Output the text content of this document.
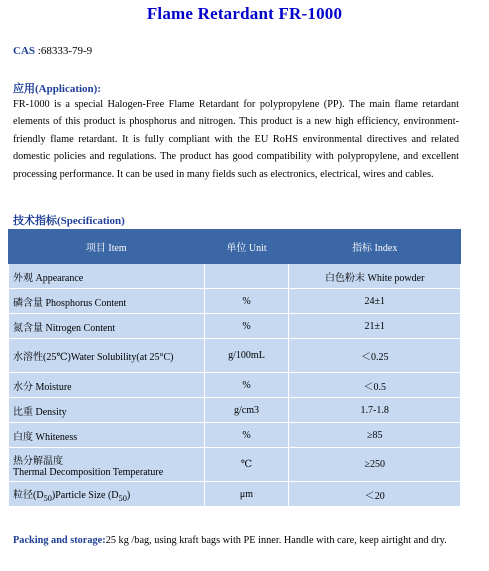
Flame Retardant FR-1000
CAS :68333-79-9
应用(Application):
FR-1000 is a special Halogen-Free Flame Retardant for polypropylene (PP). The main flame retardant elements of this product is phosphorus and nitrogen. This product is a new high efficiency, environment- friendly flame retardant. It is fully compliant with the EU RoHS environmental directives and related domestic policies and regulations. The product has good compatibility with polypropylene, and excellent processing performance. It can be used in many fields such as electronics, electrical, wires and cables.
技术指标(Specification)
项目 Item	单位 Unit	指标 Index
外观 Appearance		白色粉末 White powder
磷含量 Phosphorus Content	%	24±1
氮含量 Nitrogen Content	%	21±1
水溶性(25℃)Water Solubility(at 25°C)	g/100mL	＜0.25
水分 Moisture	%	＜0.5
比重 Density	g/cm3	1.7-1.8
白度 Whiteness	%	≥85

热分解温度
Thermal Decomposition Temperature	℃	≥250
粒径$(D_{50})Particle$ Size $(D_{50})$	μm	＜20
Packing and storage:25 kg /bag, using kraft bags with PE inner. Handle with care, keep airtight and dry.
